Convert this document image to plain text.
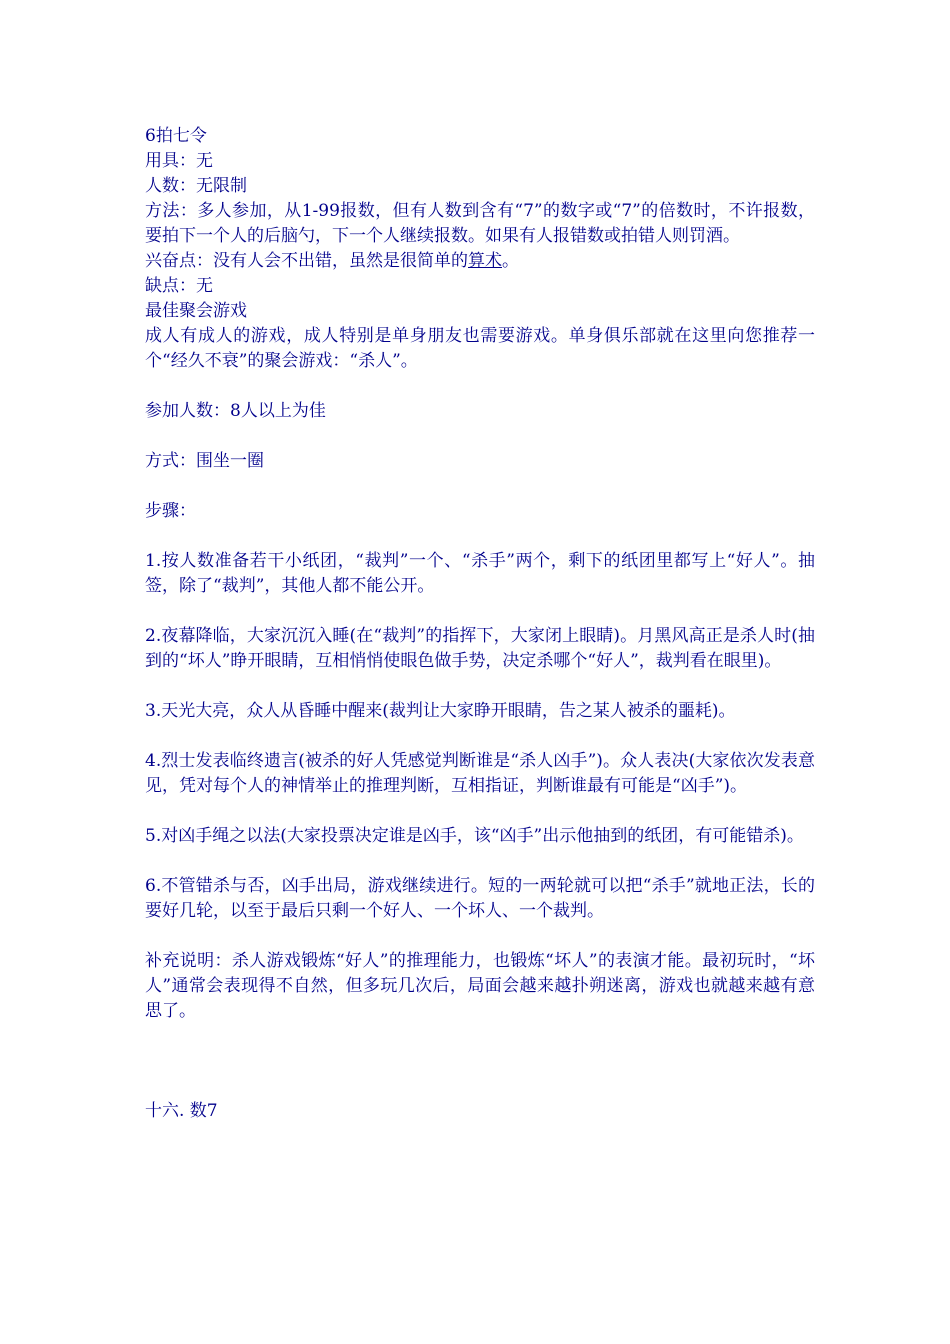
6拍七令

用具：无

人数：无限制

方法：多人参加，从1-99报数，但有人数到含有“7”的数字或“7”的倍数时，不许报数，要拍下一个人的后脑勺，下一个人继续报数。如果有人报错数或拍错人则罚酒。

兴奋点：没有人会不出错，虽然是很简单的算术。

缺点：无

最佳聚会游戏

成人有成人的游戏，成人特别是单身朋友也需要游戏。单身俱乐部就在这里向您推荐一个“经久不衰”的聚会游戏：“杀人”。

参加人数：8人以上为佳

方式：围坐一圈

步骤：

1.按人数准备若干小纸团，“裁判”一个、“杀手”两个，剩下的纸团里都写上“好人”。抽签，除了“裁判”，其他人都不能公开。

2.夜幕降临，大家沉沉入睡(在“裁判”的指挥下，大家闭上眼睛)。月黑风高正是杀人时(抽到的“坏人”睁开眼睛，互相悄悄使眼色做手势，决定杀哪个“好人”，裁判看在眼里)。

3.天光大亮，众人从昏睡中醒来(裁判让大家睁开眼睛，告之某人被杀的噩耗)。

4.烈士发表临终遗言(被杀的好人凭感觉判断谁是“杀人凶手”)。众人表决(大家依次发表意见，凭对每个人的神情举止的推理判断，互相指证，判断谁最有可能是“凶手”)。

5.对凶手绳之以法(大家投票决定谁是凶手，该“凶手”出示他抽到的纸团，有可能错杀)。

6.不管错杀与否，凶手出局，游戏继续进行。短的一两轮就可以把“杀手”就地正法，长的要好几轮，以至于最后只剩一个好人、一个坏人、一个裁判。

补充说明：杀人游戏锻炼“好人”的推理能力，也锻炼“坏人”的表演才能。最初玩时，“坏人”通常会表现得不自然，但多玩几次后，局面会越来越扑朔迷离，游戏也就越来越有意思了。

十六. 数7
